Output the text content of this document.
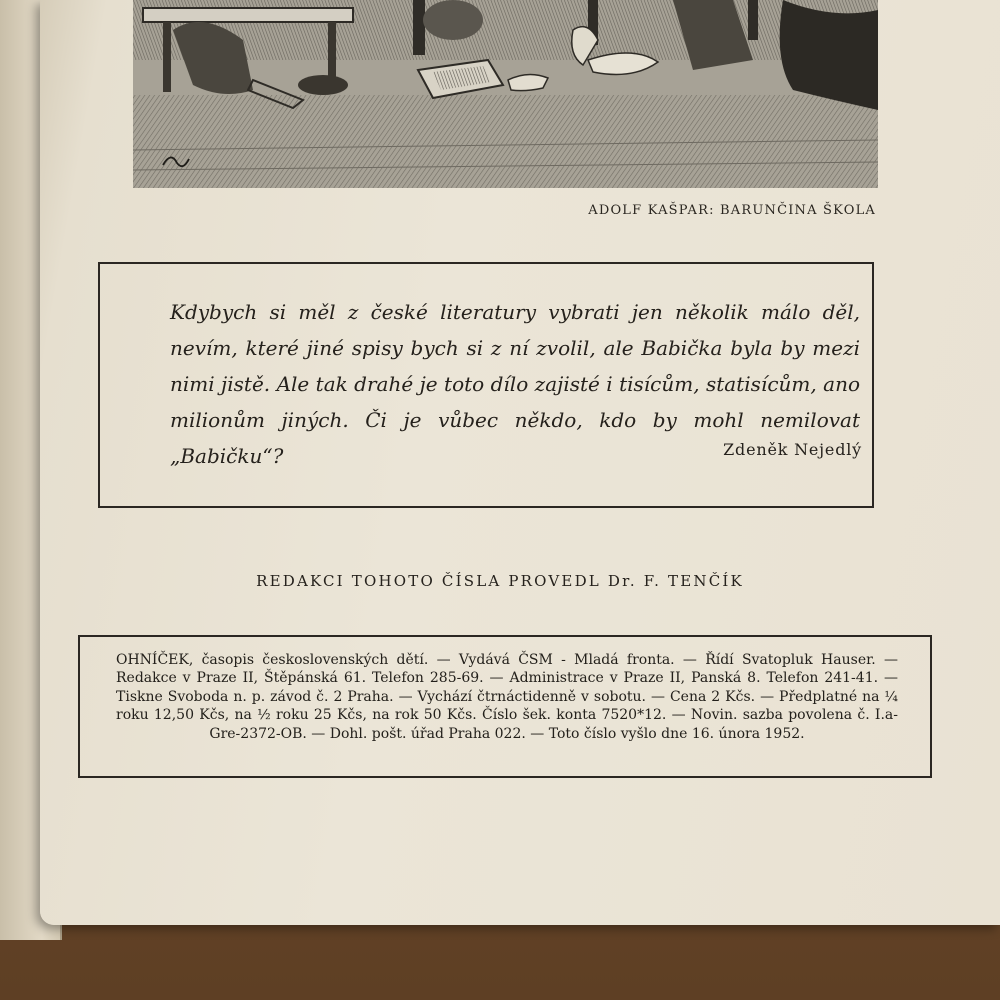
ADOLF KAŠPAR: BARUNČINA ŠKOLA
Kdybych si měl z české literatury vybrati jen několik málo děl, nevím, které jiné spisy bych si z ní zvolil, ale Babička byla by mezi nimi jistě. Ale tak drahé je toto dílo zajisté i tisícům, statisícům, ano milionům jiných. Či je vůbec někdo, kdo by mohl nemilovat „Babičku“?	Zdeněk Nejedlý
REDAKCI TOHOTO ČÍSLA PROVEDL Dr. F. TENČÍK
OHNÍČEK, časopis československých dětí. — Vydává ČSM - Mladá fronta. — Řídí Svatopluk Hauser. — Redakce v Praze II, Štěpánská 61. Telefon 285-69. — Administrace v Praze II, Panská 8. Telefon 241-41. — Tiskne Svoboda n. p. závod č. 2 Praha. — Vychází čtrnáctidenně v sobotu. — Cena 2 Kčs. — Předplatné na ¼ roku 12,50 Kčs, na ½ roku 25 Kčs, na rok 50 Kčs. Číslo šek. konta 7520*12. — Novin. sazba povolena č. I.a-Gre-2372-OB. — Dohl. pošt. úřad Praha 022. — Toto číslo vyšlo dne 16. února 1952.
